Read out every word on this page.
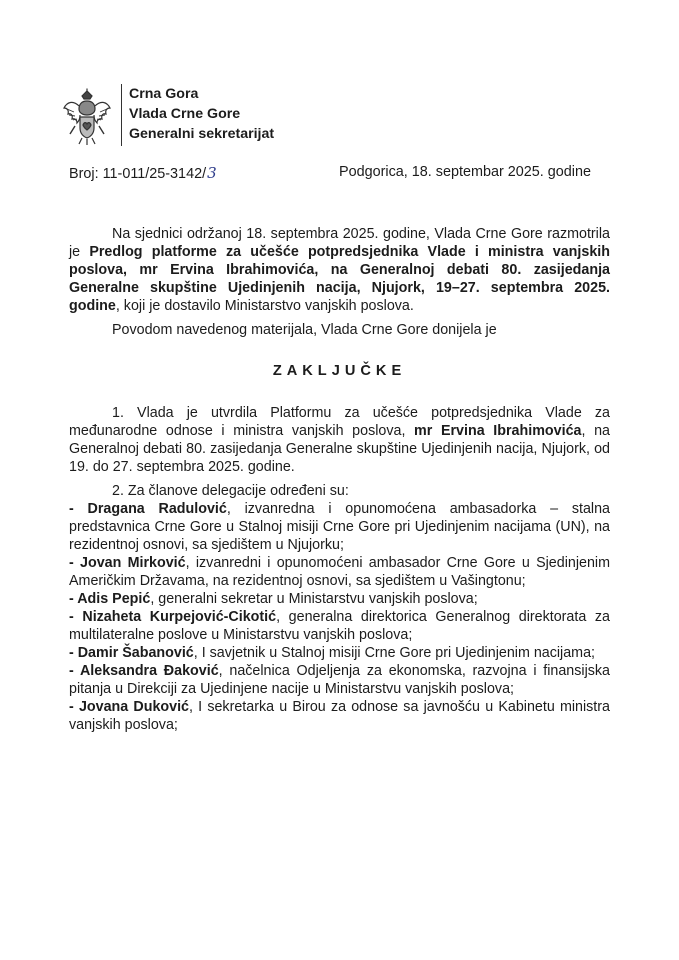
Crna Gora
Vlada Crne Gore
Generalni sekretarijat
Broj: 11-011/25-3142/3	Podgorica, 18. septembar 2025. godine

Na sjednici održanoj 18. septembra 2025. godine, Vlada Crne Gore razmotrila je Predlog platforme za učešće potpredsjednika Vlade i ministra vanjskih poslova, mr Ervina Ibrahimovića, na Generalnoj debati 80. zasijedanja Generalne skupštine Ujedinjenih nacija, Njujork, 19–27. septembra 2025. godine, koji je dostavilo Ministarstvo vanjskih poslova.

Povodom navedenog materijala, Vlada Crne Gore donijela je

ZAKLJUČKE

1. Vlada je utvrdila Platformu za učešće potpredsjednika Vlade za međunarodne odnose i ministra vanjskih poslova, mr Ervina Ibrahimovića, na Generalnoj debati 80. zasijedanja Generalne skupštine Ujedinjenih nacija, Njujork, od 19. do 27. septembra 2025. godine.

2. Za članove delegacije određeni su:

- Dragana Radulović, izvanredna i opunomoćena ambasadorka – stalna predstavnica Crne Gore u Stalnoj misiji Crne Gore pri Ujedinjenim nacijama (UN), na rezidentnoj osnovi, sa sjedištem u Njujorku;

- Jovan Mirković, izvanredni i opunomoćeni ambasador Crne Gore u Sjedinjenim Američkim Državama, na rezidentnoj osnovi, sa sjedištem u Vašingtonu;

- Adis Pepić, generalni sekretar u Ministarstvu vanjskih poslova;

- Nizaheta Kurpejović-Cikotić, generalna direktorica Generalnog direktorata za multilateralne poslove u Ministarstvu vanjskih poslova;

- Damir Šabanović, I savjetnik u Stalnoj misiji Crne Gore pri Ujedinjenim nacijama;

- Aleksandra Đaković, načelnica Odjeljenja za ekonomska, razvojna i finansijska pitanja u Direkciji za Ujedinjene nacije u Ministarstvu vanjskih poslova;

- Jovana Duković, I sekretarka u Birou za odnose sa javnošću u Kabinetu ministra vanjskih poslova;
